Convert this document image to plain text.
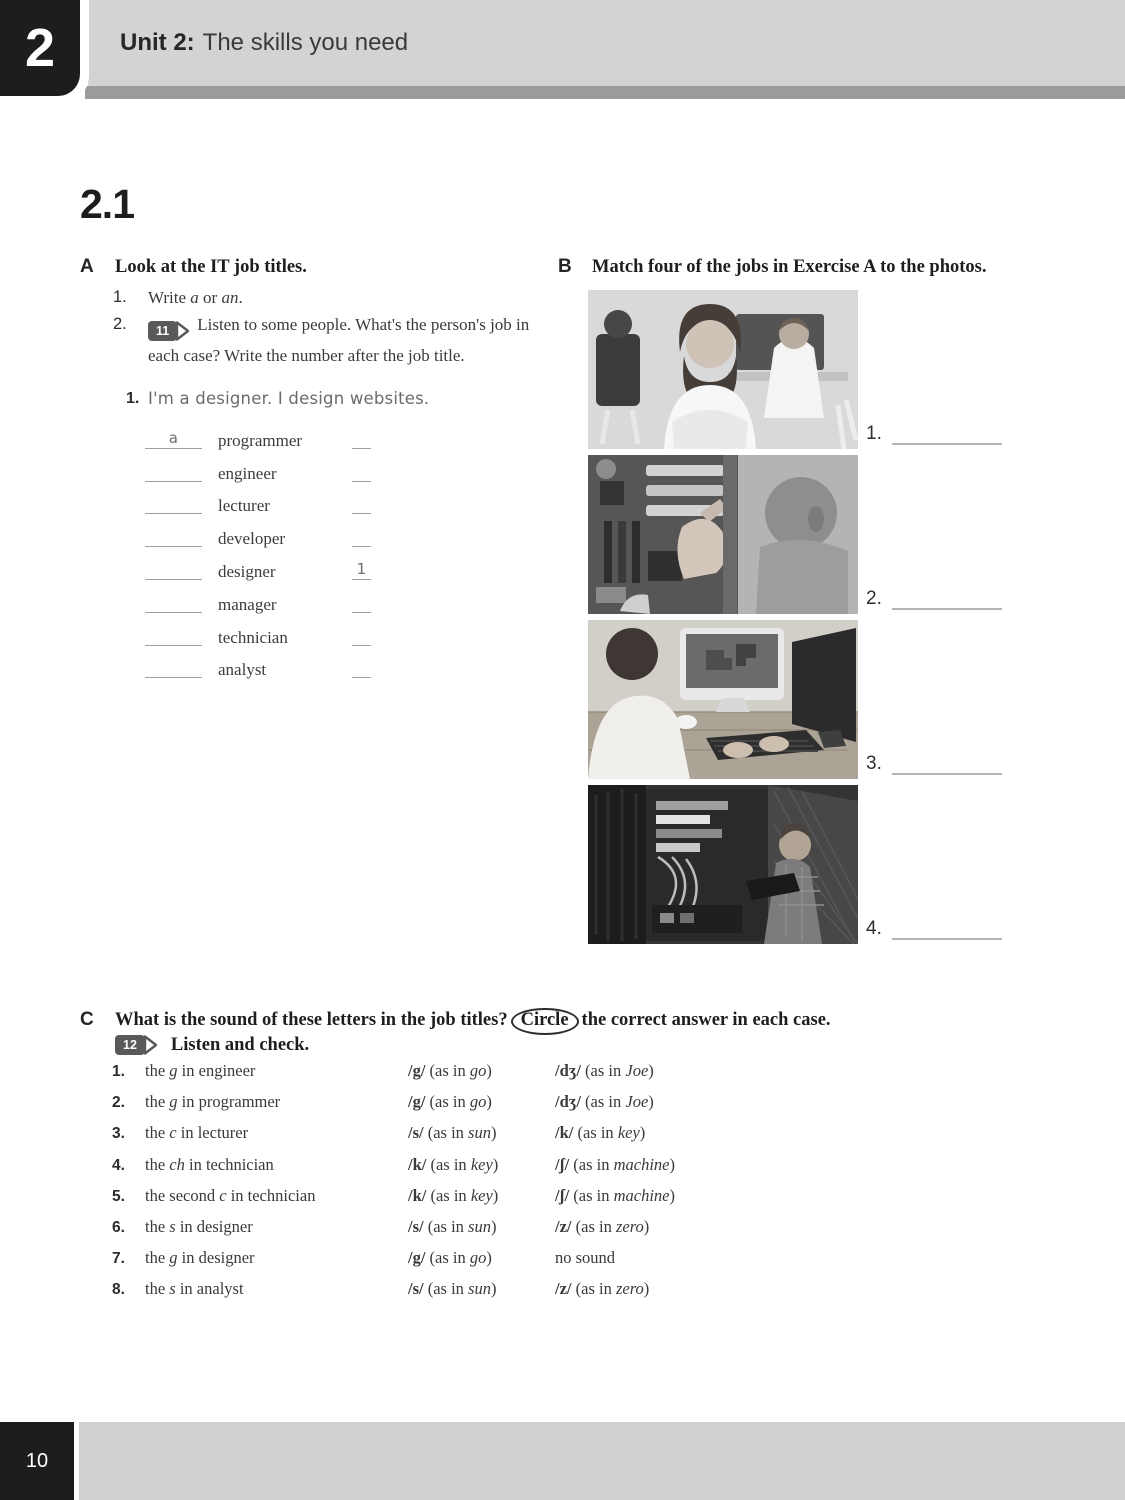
Unit 2: The skills you need
2
2.1
A	Look at the IT job titles.
1. Write a or an.
2.	11	Listen to some people. What's the person's job in each case? Write the number after the job title.
1. I'm a designer. I design websites.
a	programmer
engineer
lecturer
developer
designer	1
manager
technician
analyst
B	Match four of the jobs in Exercise A to the photos.
1.
2.
3.
4.
C	What is the sound of these letters in the job titles? Circle the correct answer in each case.
12	Listen and check.
1.	the g in engineer	/g/ (as in go)	/dʒ/ (as in Joe)
2.	the g in programmer	/g/ (as in go)	/dʒ/ (as in Joe)
3.	the c in lecturer	/s/ (as in sun)	/k/ (as in key)
4.	the ch in technician	/k/ (as in key)	/ʃ/ (as in machine)
5.	the second c in technician	/k/ (as in key)	/ʃ/ (as in machine)
6.	the s in designer	/s/ (as in sun)	/z/ (as in zero)
7.	the g in designer	/g/ (as in go)	no sound
8.	the s in analyst	/s/ (as in sun)	/z/ (as in zero)
10
